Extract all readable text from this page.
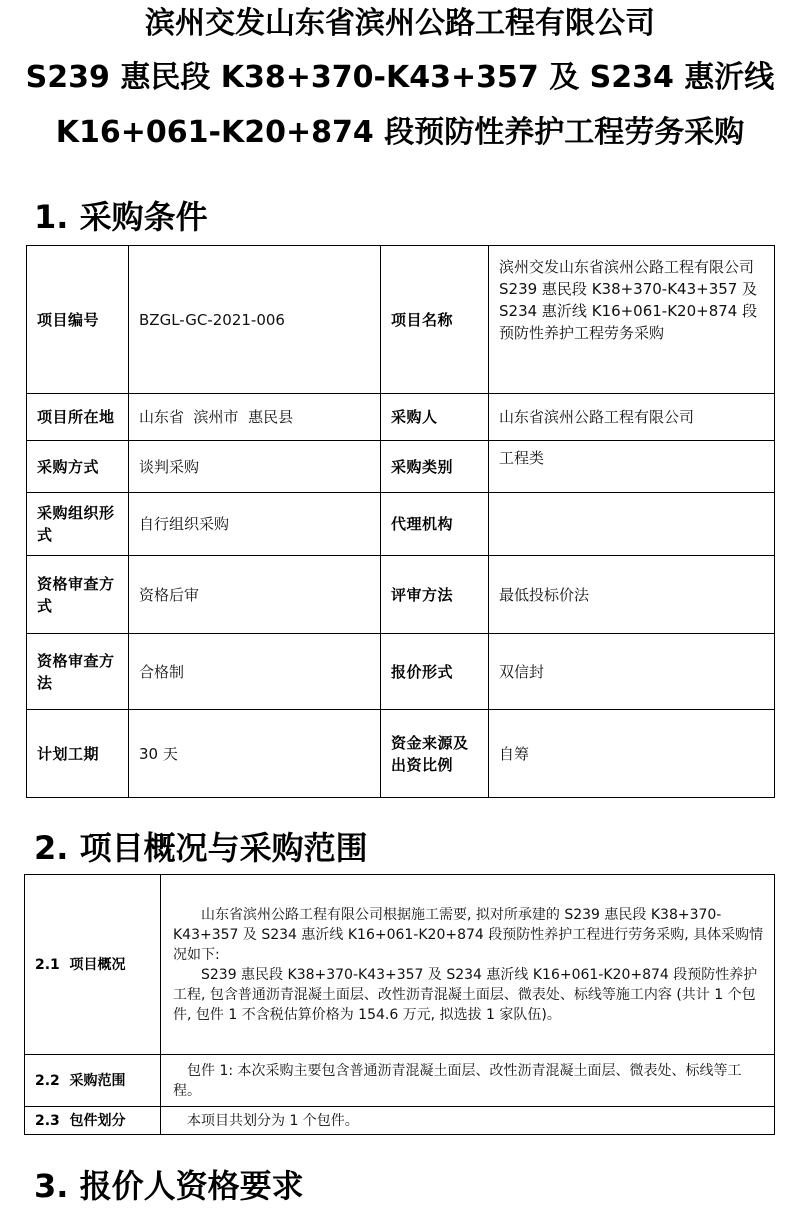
滨州交发山东省滨州公路工程有限公司
S239 惠民段 K38+370-K43+357 及 S234 惠沂线
K16+061-K20+874 段预防性养护工程劳务采购
1. 采购条件
项目编号	BZGL-GC-2021-006	项目名称	滨州交发山东省滨州公路工程有限公司 S239 惠民段 K38+370-K43+357 及 S234 惠沂线 K16+061-K20+874 段预防性养护工程劳务采购
项目所在地	山东省  滨州市  惠民县	采购人	山东省滨州公路工程有限公司
采购方式	谈判采购	采购类别	工程类
采购组织形式	自行组织采购	代理机构	
资格审查方式	资格后审	评审方法	最低投标价法
资格审查方法	合格制	报价形式	双信封
计划工期	30 天	资金来源及出资比例	自筹
2. 项目概况与采购范围
2.1  项目概况	山东省滨州公路工程有限公司根据施工需要, 拟对所承建的 S239 惠民段 K38+370-K43+357 及 S234 惠沂线 K16+061-K20+874 段预防性养护工程进行劳务采购, 具体采购情况如下:

S239 惠民段 K38+370-K43+357 及 S234 惠沂线 K16+061-K20+874 段预防性养护工程, 包含普通沥青混凝土面层、改性沥青混凝土面层、微表处、标线等施工内容 (共计 1 个包件, 包件 1 不含税估算价格为 154.6 万元, 拟选拔 1 家队伍)。

2.2  采购范围	包件 1: 本次采购主要包含普通沥青混凝土面层、改性沥青混凝土面层、微表处、标线等工程。

2.3  包件划分	本项目共划分为 1 个包件。

3. 报价人资格要求
